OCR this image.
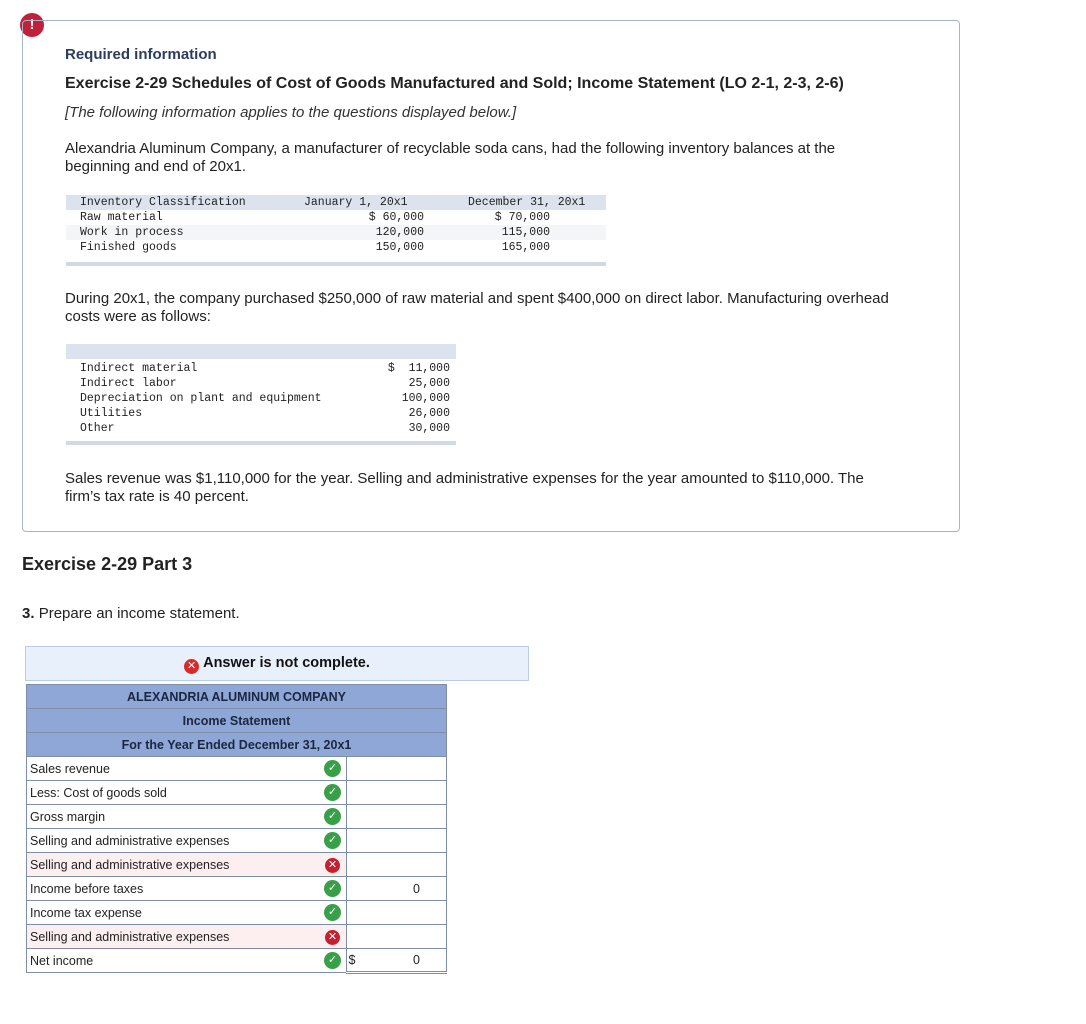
!
Required information
Exercise 2-29 Schedules of Cost of Goods Manufactured and Sold; Income Statement (LO 2-1, 2-3, 2-6)
[The following information applies to the questions displayed below.]
Alexandria Aluminum Company, a manufacturer of recyclable soda cans, had the following inventory balances at the beginning and end of 20x1.
Inventory Classification	January 1, 20x1	December 31, 20x1
Raw material	$ 60,000	$ 70,000
Work in process	120,000	115,000
Finished goods	150,000	165,000
During 20x1, the company purchased $250,000 of raw material and spent $400,000 on direct labor. Manufacturing overhead costs were as follows:
Indirect material	$  11,000
Indirect labor	25,000
Depreciation on plant and equipment	100,000
Utilities	26,000
Other	30,000
Sales revenue was $1,110,000 for the year. Selling and administrative expenses for the year amounted to $110,000. The firm’s tax rate is 40 percent.
Exercise 2-29 Part 3
3. Prepare an income statement.
✕ Answer is not complete.
ALEXANDRIA ALUMINUM COMPANY		
Income Statement		
For the Year Ended December 31, 20x1		
Sales revenue	✓	
Less: Cost of goods sold	✓	
Gross margin	✓	
Selling and administrative expenses	✓	
Selling and administrative expenses	✕	
Income before taxes	✓	0
Income tax expense	✓	
Selling and administrative expenses	✕	
Net income	✓	$ 0
